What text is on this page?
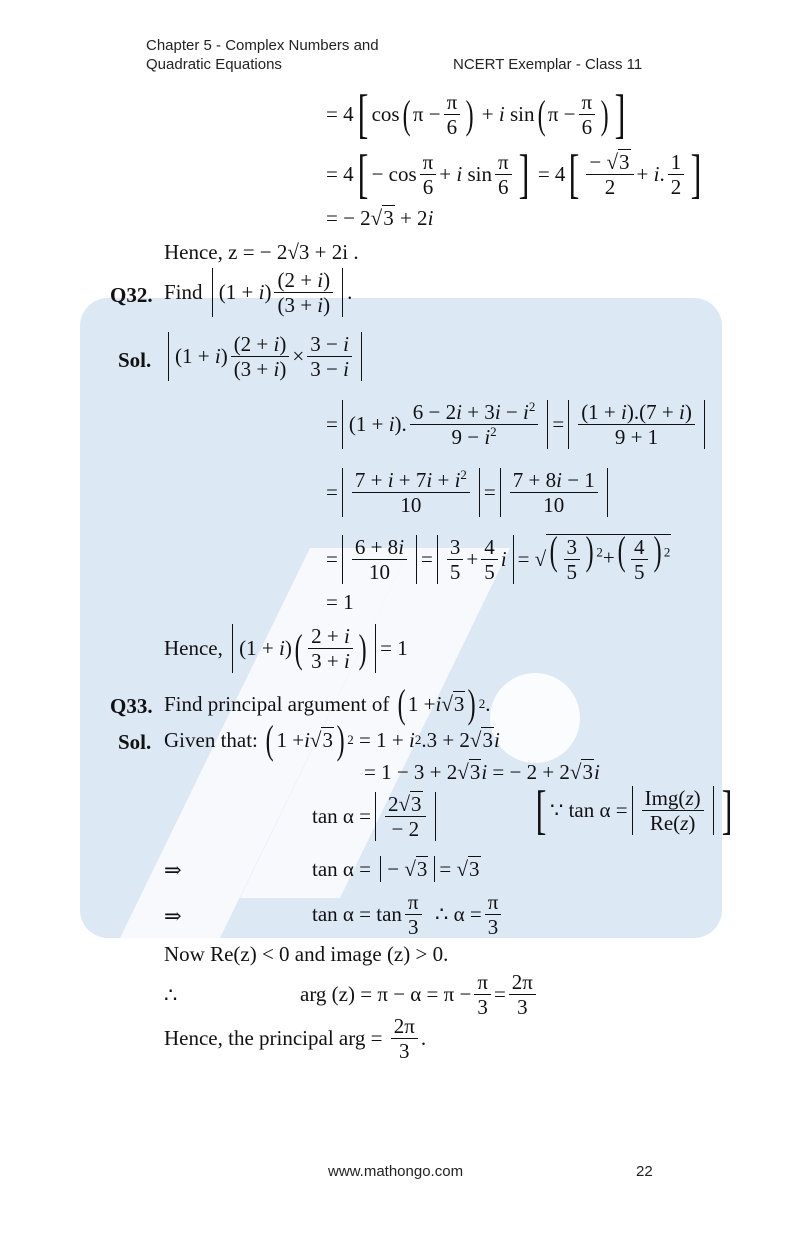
Chapter 5 - Complex Numbers and
Quadratic Equations	NCERT Exemplar - Class 11
= 4 [ cos ( π −
π
6 ) + i sin ( π −
π
6 ) ]
= 4 [ − cos
π
6
+ i sin
π
6 ] = 4 [ − √3
2
+ i .
1
2 ]
= − 2√3 + 2i
Hence, z = − 2√3 + 2i .
Q32. Find
(1 + i )
(2 + i)
(3 + i)
.
Sol.	(1 + i )
(2 + i)
(3 + i)
×
3 − i
3 − i
= (1 + i ).
$6 - 2i + 3i - i^2$
$9 - i^2$	=
(1 + i).(7 + i)
9 + 1
=
$7 + i + 7i + i^2$
10
=
7 + 8i − 1
10
=
6 + 8i
10
=
3
5
+
4
5
i = √ ( $\frac{3}{5}$ ) $^2+( \frac{4}{5}$ ) $^2$
= 1
Hence,
(1 + i ) ( 2 + i
3 + i ) = 1
Q33. Find principal argument of
( 1 + i √ 3 ) 2 .
Sol. Given that:
( 1 + i √ 3 ) 2 = 1 + i 2 .3 + 2√ 3 i
= 1 − 3 + 2√3i = − 2 + 2√3i
tan α =
2√3
− 2 [ ∵ tan α =
Img(z)
Re(z) ]
⇒	tan α = − √ 3 = √ 3
⇒	tan α = tan
π
3
∴ α =
π
3
Now Re(z) < 0 and image (z) > 0.
∴	arg $(z) = \pi - \alpha = \pi - \frac{\pi}{3}$ =
2π
3
Hence, the principal arg =
$\frac{2\pi}{3}$ .
www.mathongo.com	22
